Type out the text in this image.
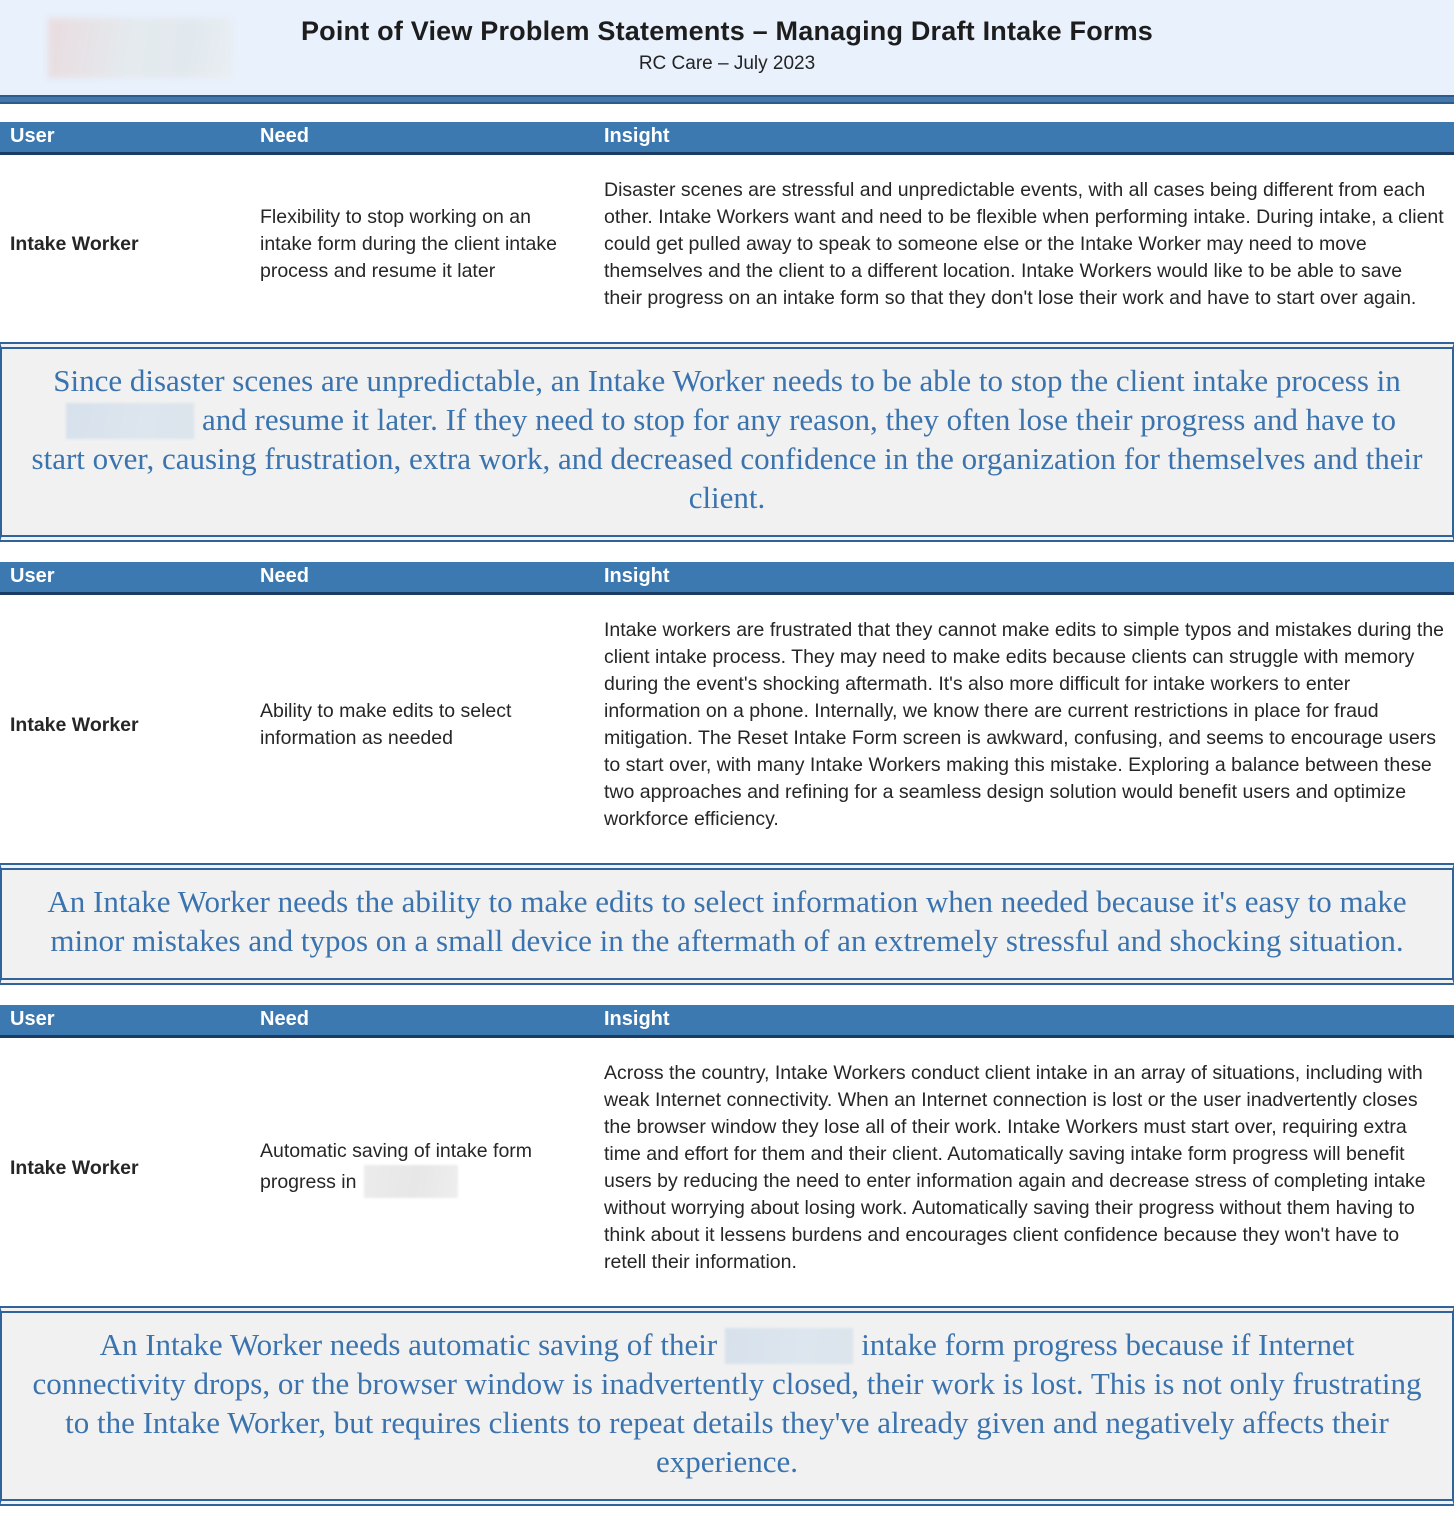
Point of View Problem Statements – Managing Draft Intake Forms
RC Care – July 2023
User	Need	Insight
Intake Worker	Flexibility to stop working on an intake form during the client intake process and resume it later	Disaster scenes are stressful and unpredictable events, with all cases being different from each other. Intake Workers want and need to be flexible when performing intake. During intake, a client could get pulled away to speak to someone else or the Intake Worker may need to move themselves and the client to a different location. Intake Workers would like to be able to save their progress on an intake form so that they don't lose their work and have to start over again.
Since disaster scenes are unpredictable, an Intake Worker needs to be able to stop the client intake process inand resume it later. If they need to stop for any reason, they often lose their progress and have to start over, causing frustration, extra work, and decreased confidence in the organization for themselves and their client.
User	Need	Insight
Intake Worker	Ability to make edits to select information as needed	Intake workers are frustrated that they cannot make edits to simple typos and mistakes during the client intake process. They may need to make edits because clients can struggle with memory during the event's shocking aftermath. It's also more difficult for intake workers to enter information on a phone. Internally, we know there are current restrictions in place for fraud mitigation. The Reset Intake Form screen is awkward, confusing, and seems to encourage users to start over, with many Intake Workers making this mistake. Exploring a balance between these two approaches and refining for a seamless design solution would benefit users and optimize workforce efficiency.
An Intake Worker needs the ability to make edits to select information when needed because it's easy to make minor mistakes and typos on a small device in the aftermath of an extremely stressful and shocking situation.
User	Need	Insight
Intake Worker	Automatic saving of intake form progress in	Across the country, Intake Workers conduct client intake in an array of situations, including with weak Internet connectivity. When an Internet connection is lost or the user inadvertently closes the browser window they lose all of their work. Intake Workers must start over, requiring extra time and effort for them and their client. Automatically saving intake form progress will benefit users by reducing the need to enter information again and decrease stress of completing intake without worrying about losing work. Automatically saving their progress without them having to think about it lessens burdens and encourages client confidence because they won't have to retell their information.
An Intake Worker needs automatic saving of their	intake form progress because if Internet connectivity drops, or the browser window is inadvertently closed, their work is lost. This is not only frustrating to the Intake Worker, but requires clients to repeat details they've already given and negatively affects their experience.
